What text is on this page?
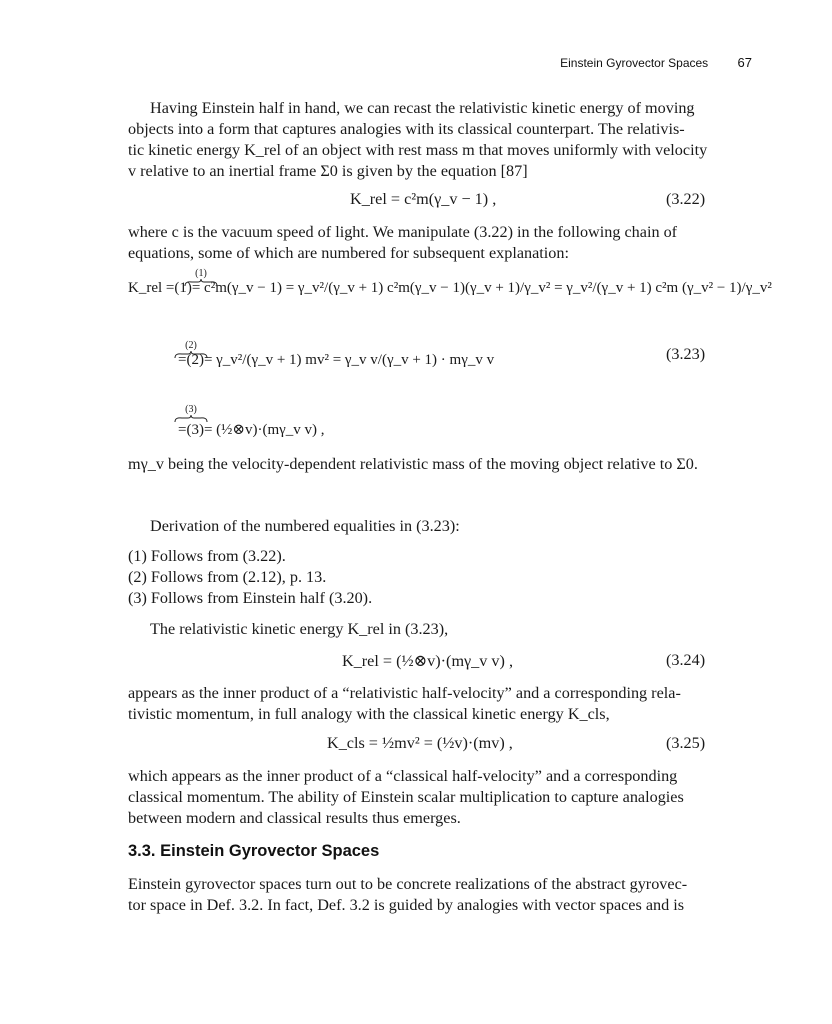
Einstein Gyrovector Spaces 67
Having Einstein half in hand, we can recast the relativistic kinetic energy of moving
objects into a form that captures analogies with its classical counterpart. The relativis-
tic kinetic energy K_rel of an object with rest mass m that moves uniformly with velocity
v relative to an inertial frame Σ0 is given by the equation [87]
K_rel = c²m(γ_v − 1) ,	(3.22)
where c is the vacuum speed of light. We manipulate (3.22) in the following chain of
equations, some of which are numbered for subsequent explanation:
(1)
K_rel =(1)= c²m(γ_v − 1) = γ_v²/(γ_v + 1) c²m(γ_v − 1)(γ_v + 1)/γ_v² = γ_v²/(γ_v + 1) c²m (γ_v² − 1)/γ_v²
(2)
=(2)= γ_v²/(γ_v + 1) mv² = γ_v v/(γ_v + 1) · mγ_v v	(3.23)
(3)
=(3)= (½⊗v)·(mγ_v v) ,
mγ_v being the velocity-dependent relativistic mass of the moving object relative to Σ0.
Derivation of the numbered equalities in (3.23):
(1) Follows from (3.22).
(2) Follows from (2.12), p. 13.
(3) Follows from Einstein half (3.20).
The relativistic kinetic energy K_rel in (3.23),
K_rel = (½⊗v)·(mγ_v v) ,	(3.24)
appears as the inner product of a “relativistic half-velocity” and a corresponding rela-
tivistic momentum, in full analogy with the classical kinetic energy K_cls,
K_cls = ½mv² = (½v)·(mv) ,	(3.25)
which appears as the inner product of a “classical half-velocity” and a corresponding
classical momentum. The ability of Einstein scalar multiplication to capture analogies
between modern and classical results thus emerges.
3.3. Einstein Gyrovector Spaces
Einstein gyrovector spaces turn out to be concrete realizations of the abstract gyrovec-
tor space in Def. 3.2. In fact, Def. 3.2 is guided by analogies with vector spaces and is
